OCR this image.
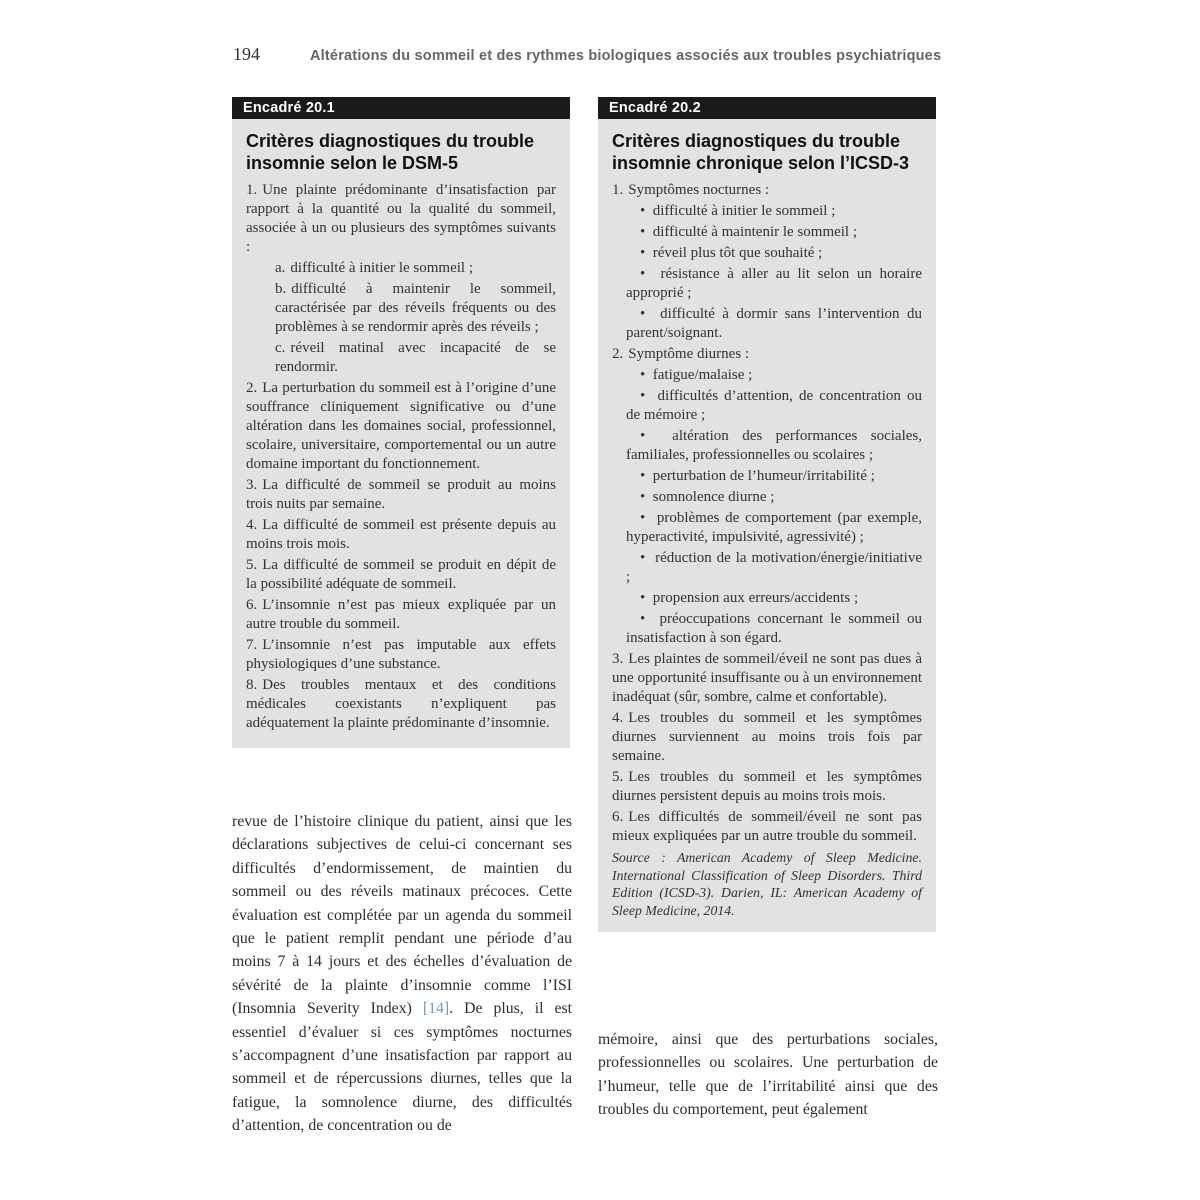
194	Altérations du sommeil et des rythmes biologiques associés aux troubles psychiatriques
Encadré 20.1

Critères diagnostiques du trouble insomnie selon le DSM-5

1. Une plainte prédominante d’insatisfaction par rapport à la quantité ou la qualité du sommeil, associée à un ou plusieurs des symptômes suivants :

a. difficulté à initier le sommeil ;

b. difficulté à maintenir le sommeil, caractérisée par des réveils fréquents ou des problèmes à se rendormir après des réveils ;

c. réveil matinal avec incapacité de se rendormir.

2. La perturbation du sommeil est à l’origine d’une souffrance cliniquement significative ou d’une altération dans les domaines social, professionnel, scolaire, universitaire, comportemental ou un autre domaine important du fonctionnement.

3. La difficulté de sommeil se produit au moins trois nuits par semaine.

4. La difficulté de sommeil est présente depuis au moins trois mois.

5. La difficulté de sommeil se produit en dépit de la possibilité adéquate de sommeil.

6. L’insomnie n’est pas mieux expliquée par un autre trouble du sommeil.

7. L’insomnie n’est pas imputable aux effets physiologiques d’une substance.

8. Des troubles mentaux et des conditions médicales coexistants n’expliquent pas adéquatement la plainte prédominante d’insomnie.

revue de l’histoire clinique du patient, ainsi que les déclarations subjectives de celui-ci concernant ses difficultés d’endormissement, de maintien du sommeil ou des réveils matinaux précoces. Cette évaluation est complétée par un agenda du sommeil que le patient remplit pendant une période d’au moins 7 à 14 jours et des échelles d’évaluation de sévérité de la plainte d’insomnie comme l’ISI (Insomnia Severity Index) [14]. De plus, il est essentiel d’évaluer si ces symptômes nocturnes s’accompagnent d’une insatisfaction par rapport au sommeil et de répercussions diurnes, telles que la fatigue, la somnolence diurne, des difficultés d’attention, de concentration ou de

Encadré 20.2

Critères diagnostiques du trouble insomnie chronique selon l’ICSD-3

1. Symptômes nocturnes :

•  difficulté à initier le sommeil ;

•  difficulté à maintenir le sommeil ;

•  réveil plus tôt que souhaité ;

•  résistance à aller au lit selon un horaire approprié ;

•  difficulté à dormir sans l’intervention du parent/soignant.

2. Symptôme diurnes :

•  fatigue/malaise ;

•  difficultés d’attention, de concentration ou de mémoire ;

•  altération des performances sociales, familiales, professionnelles ou scolaires ;

•  perturbation de l’humeur/irritabilité ;

•  somnolence diurne ;

•  problèmes de comportement (par exemple, hyperactivité, impulsivité, agressivité) ;

•  réduction de la motivation/énergie/initiative ;

•  propension aux erreurs/accidents ;

•  préoccupations concernant le sommeil ou insatisfaction à son égard.

3. Les plaintes de sommeil/éveil ne sont pas dues à une opportunité insuffisante ou à un environnement inadéquat (sûr, sombre, calme et confortable).

4. Les troubles du sommeil et les symptômes diurnes surviennent au moins trois fois par semaine.

5. Les troubles du sommeil et les symptômes diurnes persistent depuis au moins trois mois.

6. Les difficultés de sommeil/éveil ne sont pas mieux expliquées par un autre trouble du sommeil.

Source : American Academy of Sleep Medicine. International Classification of Sleep Disorders. Third Edition (ICSD-3). Darien, IL: American Academy of Sleep Medicine, 2014.

mémoire, ainsi que des perturbations sociales, professionnelles ou scolaires. Une perturbation de l’humeur, telle que de l’irritabilité ainsi que des troubles du comportement, peut également
